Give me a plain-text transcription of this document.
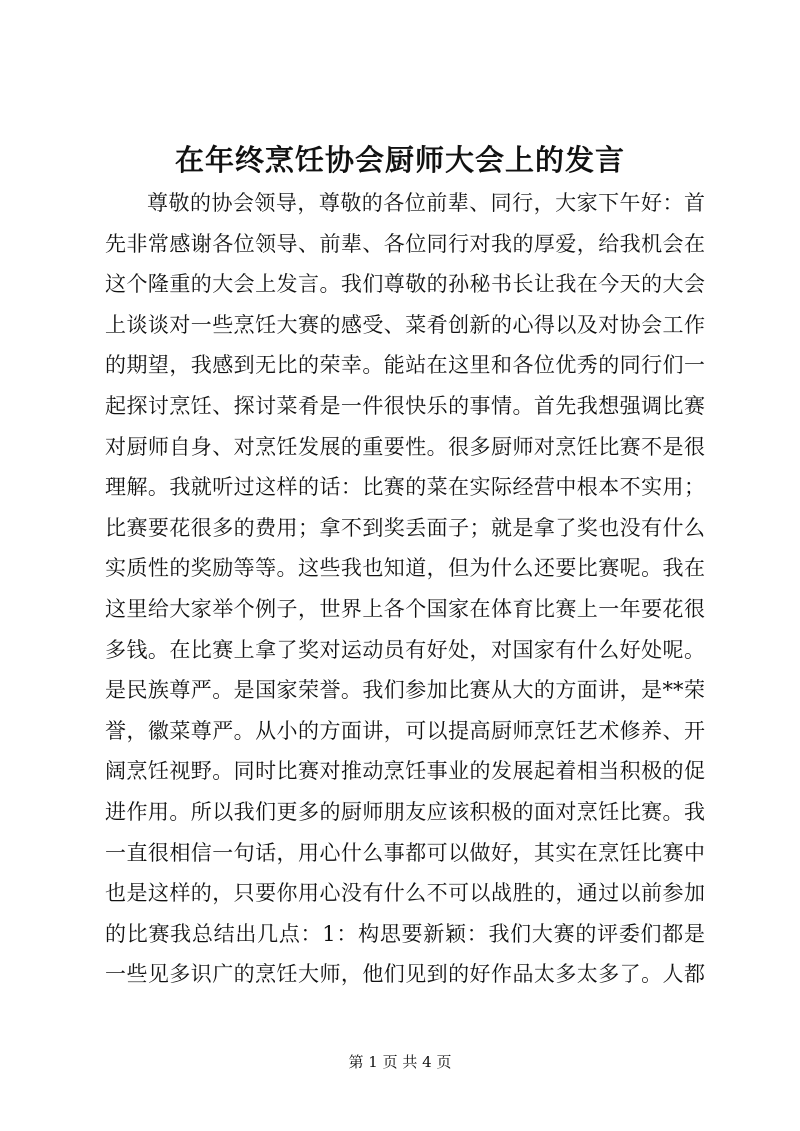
在年终烹饪协会厨师大会上的发言
尊敬的协会领导，尊敬的各位前辈、同行，大家下午好：首
先非常感谢各位领导、前辈、各位同行对我的厚爱，给我机会在
这个隆重的大会上发言。我们尊敬的孙秘书长让我在今天的大会
上谈谈对一些烹饪大赛的感受、菜肴创新的心得以及对协会工作
的期望，我感到无比的荣幸。能站在这里和各位优秀的同行们一
起探讨烹饪、探讨菜肴是一件很快乐的事情。首先我想强调比赛
对厨师自身、对烹饪发展的重要性。很多厨师对烹饪比赛不是很
理解。我就听过这样的话：比赛的菜在实际经营中根本不实用；
比赛要花很多的费用；拿不到奖丢面子；就是拿了奖也没有什么
实质性的奖励等等。这些我也知道，但为什么还要比赛呢。我在
这里给大家举个例子，世界上各个国家在体育比赛上一年要花很
多钱。在比赛上拿了奖对运动员有好处，对国家有什么好处呢。
是民族尊严。是国家荣誉。我们参加比赛从大的方面讲，是**荣
誉，徽菜尊严。从小的方面讲，可以提高厨师烹饪艺术修养、开
阔烹饪视野。同时比赛对推动烹饪事业的发展起着相当积极的促
进作用。所以我们更多的厨师朋友应该积极的面对烹饪比赛。我
一直很相信一句话，用心什么事都可以做好，其实在烹饪比赛中
也是这样的，只要你用心没有什么不可以战胜的，通过以前参加
的比赛我总结出几点：1：构思要新颖：我们大赛的评委们都是
一些见多识广的烹饪大师，他们见到的好作品太多太多了。人都
第 1 页 共 4 页
